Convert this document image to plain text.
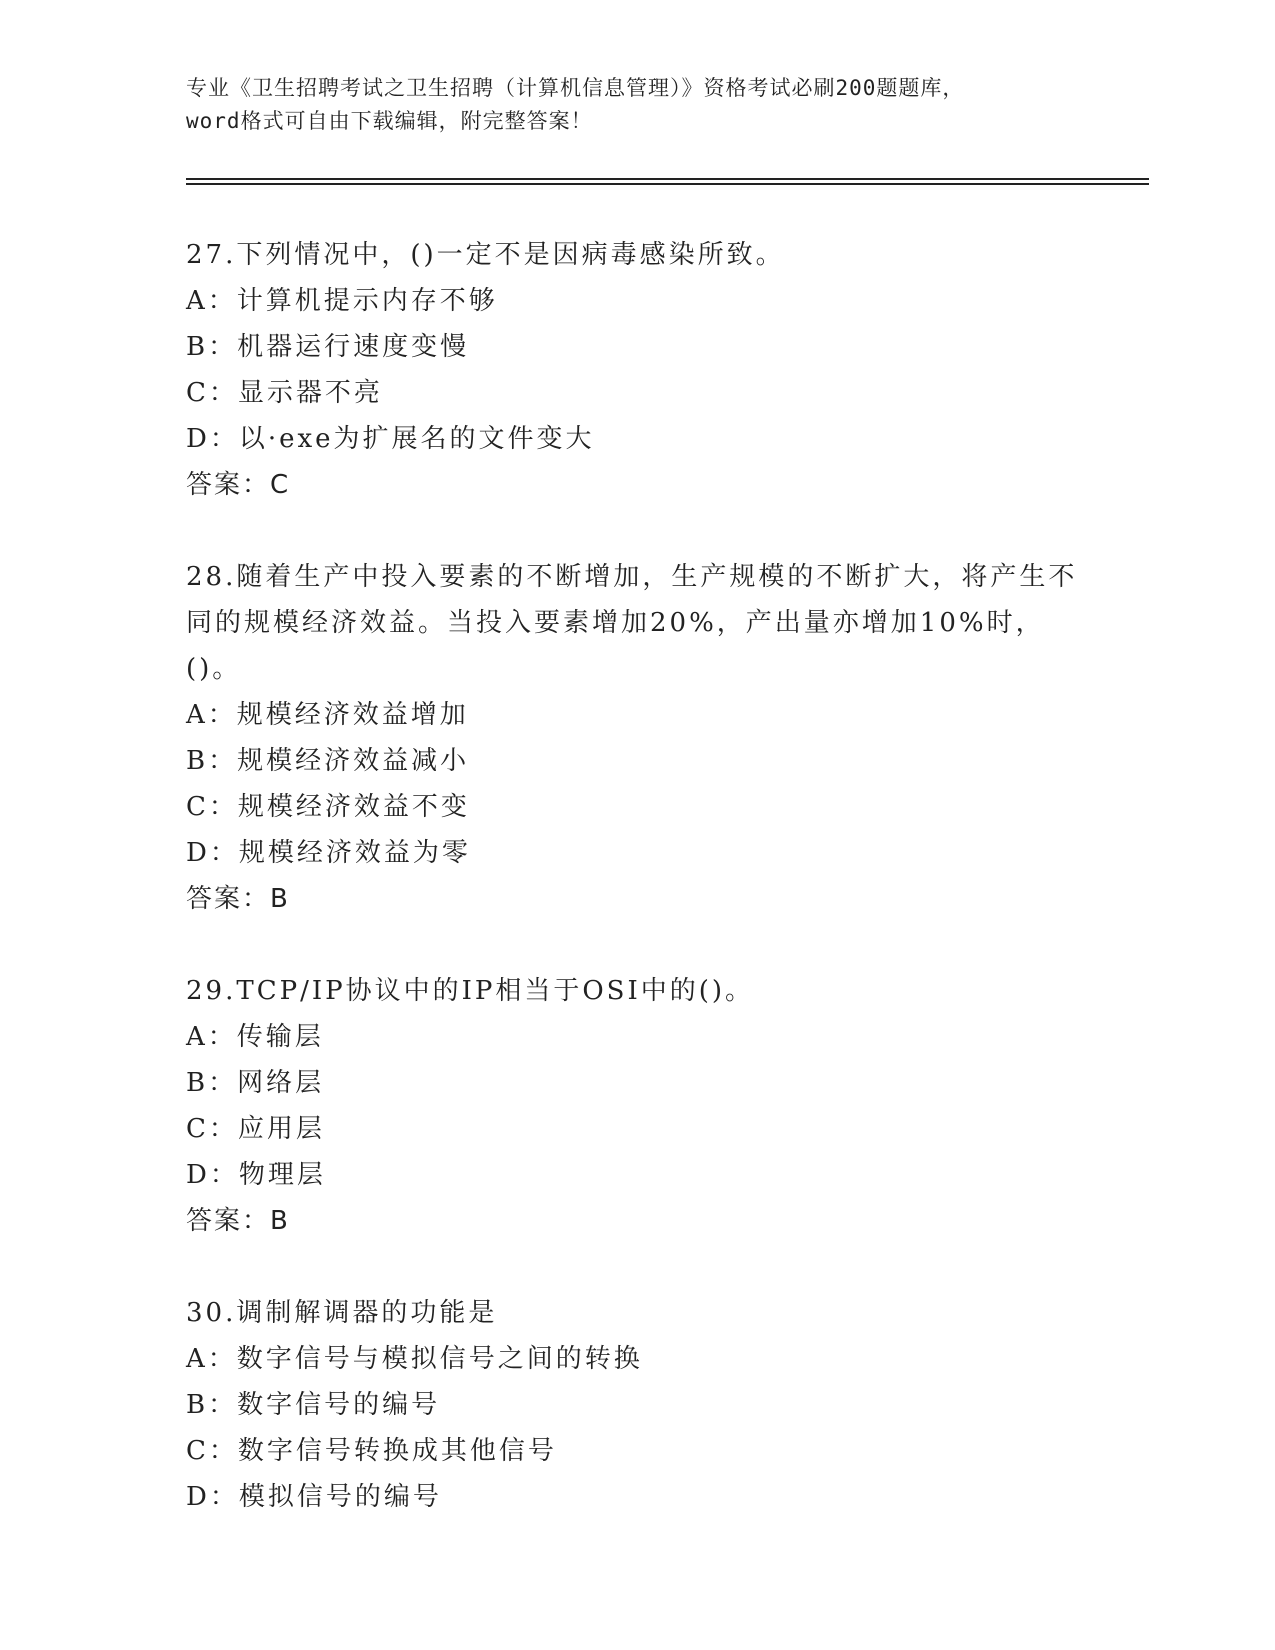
专业《卫生招聘考试之卫生招聘（计算机信息管理）》资格考试必刷200题题库，
word格式可自由下载编辑，附完整答案！

27.下列情况中，()一定不是因病毒感染所致。

A：计算机提示内存不够

B：机器运行速度变慢

C：显示器不亮

D：以·exe为扩展名的文件变大

答案：C

28.随着生产中投入要素的不断增加，生产规模的不断扩大，将产生不同的规模经济效益。当投入要素增加20%，产出量亦增加10%时，()。

A：规模经济效益增加

B：规模经济效益减小

C：规模经济效益不变

D：规模经济效益为零

答案：B

29.TCP/IP协议中的IP相当于OSI中的()。

A：传输层

B：网络层

C：应用层

D：物理层

答案：B

30.调制解调器的功能是

A：数字信号与模拟信号之间的转换

B：数字信号的编号

C：数字信号转换成其他信号

D：模拟信号的编号
